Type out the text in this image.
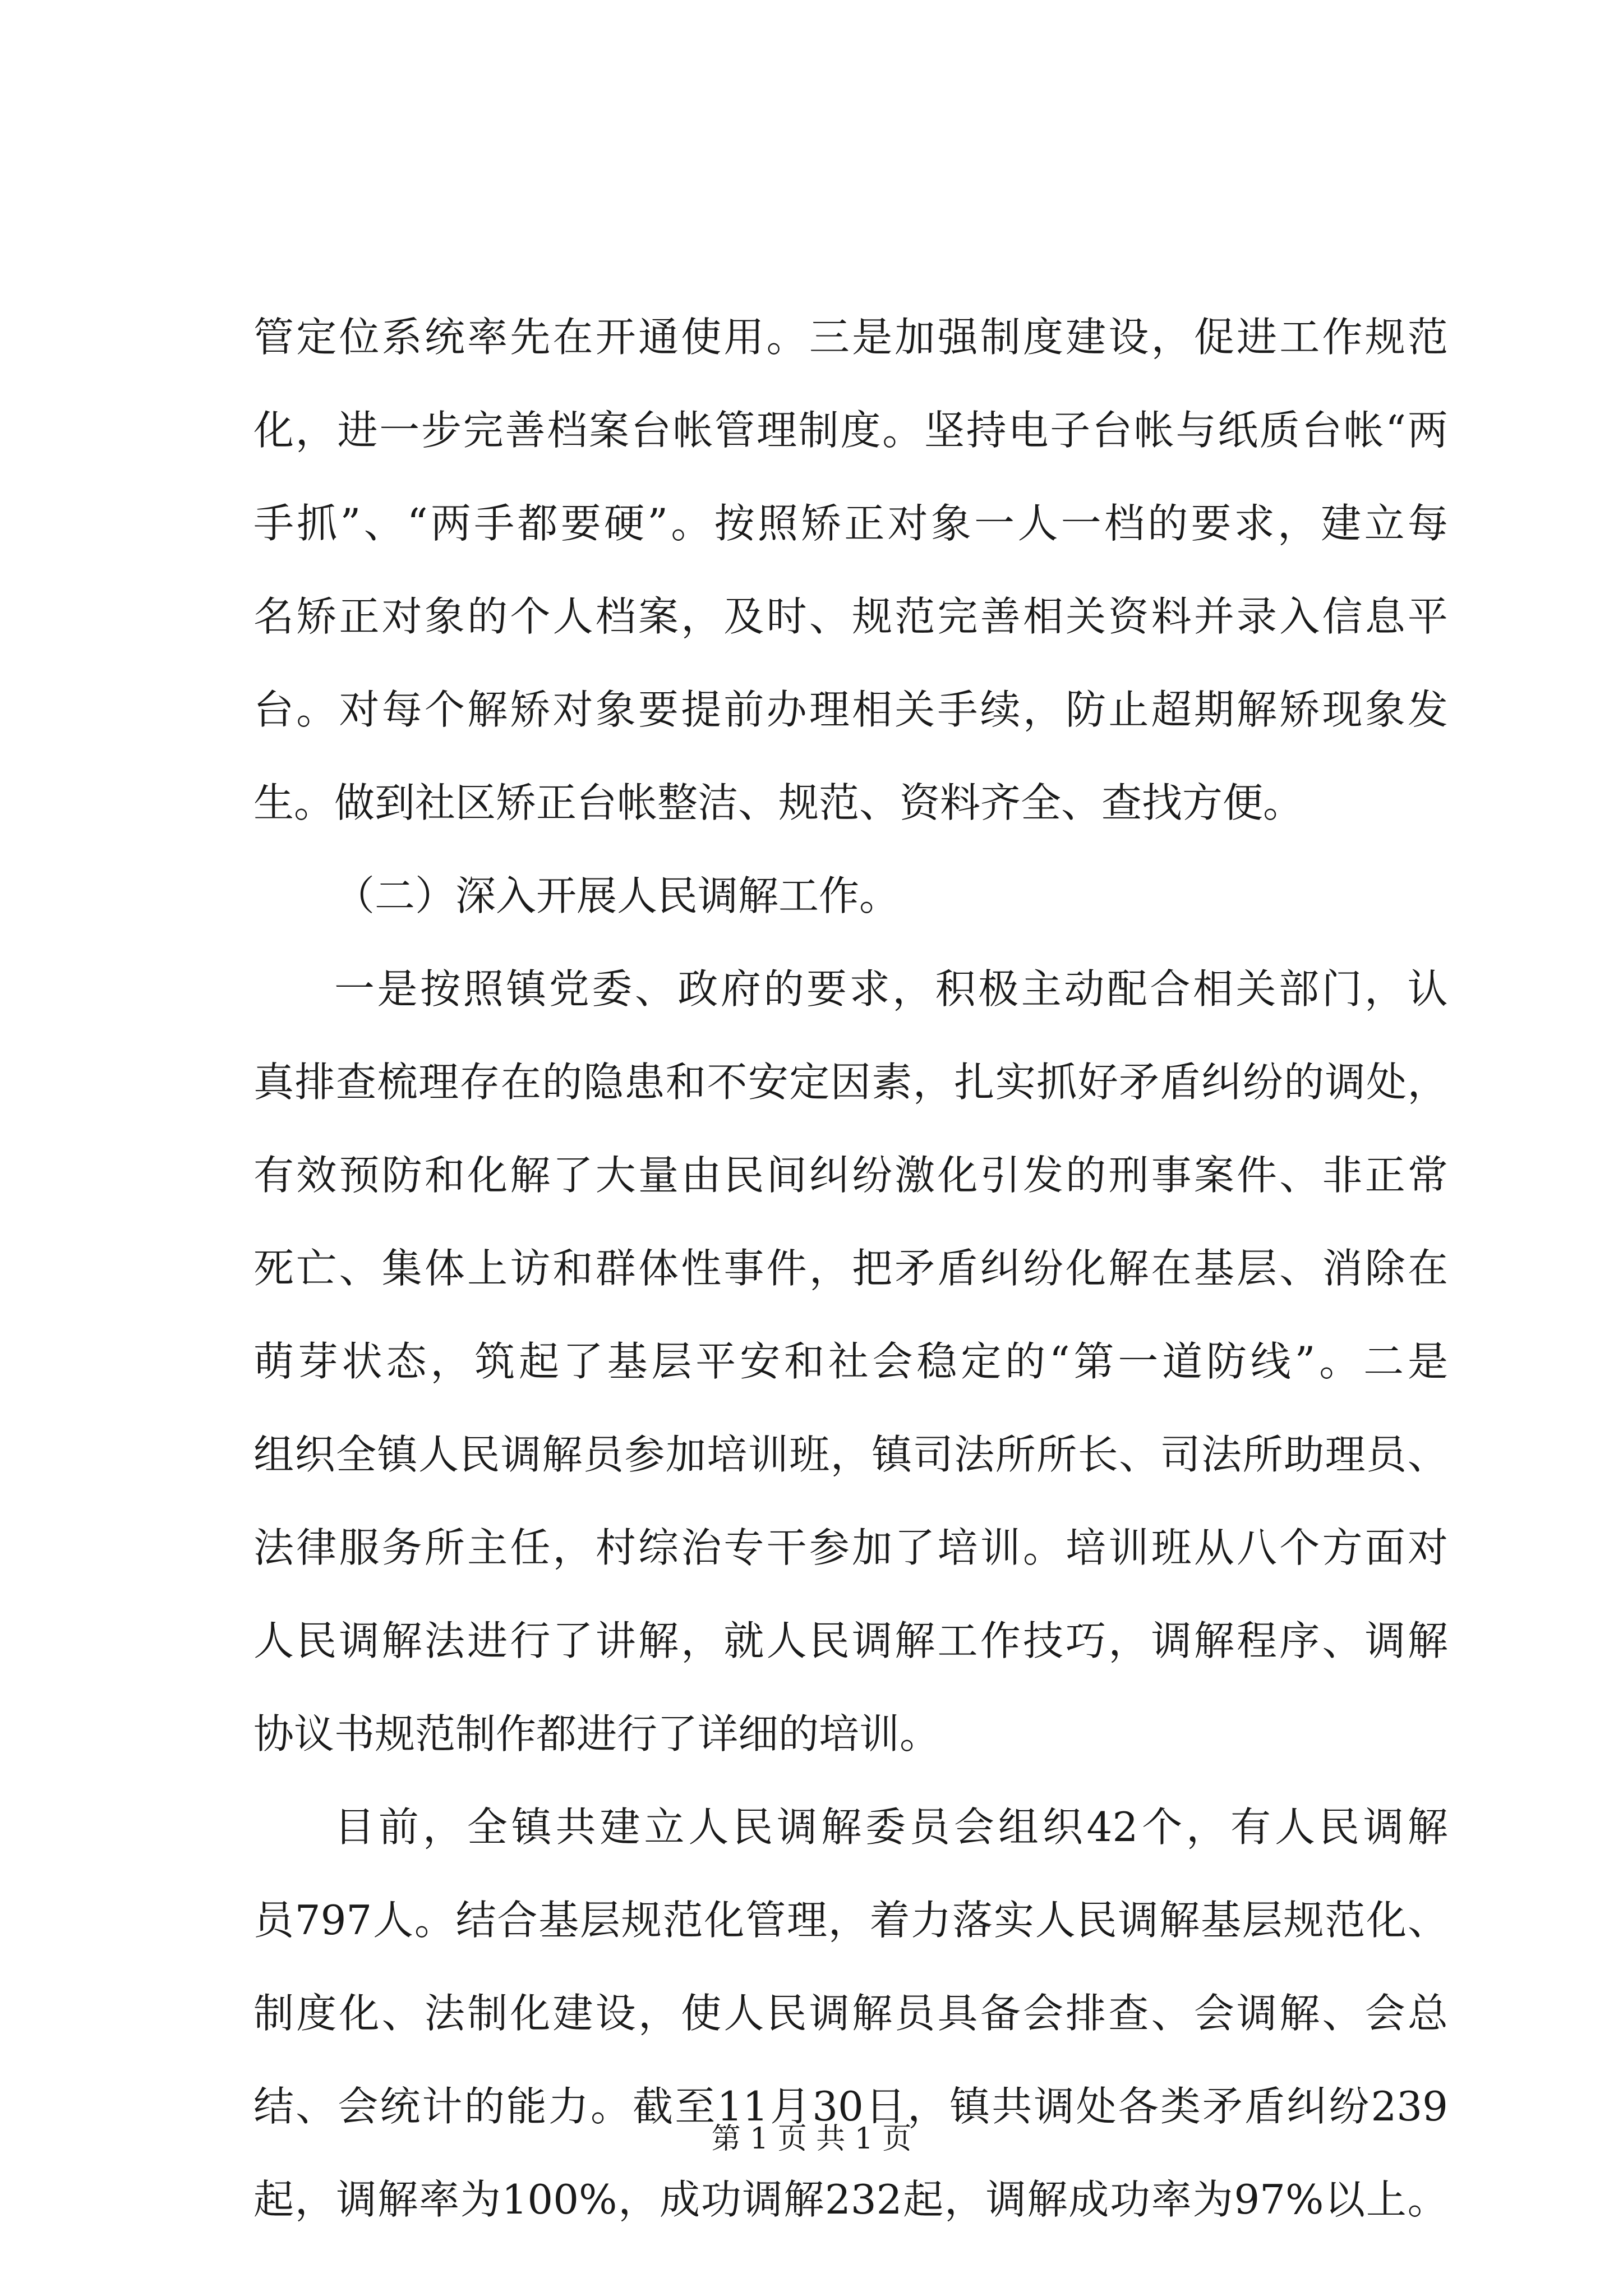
管 定 位 系 统 率 先 在 开 通 使 用 。 三 是 加 强 制 度 建 设 ， 促 进 工 作 规 范
化 ， 进 一 步 完 善 档 案 台 帐 管 理 制 度 。 坚 持 电 子 台 帐 与 纸 质 台 帐 “ 两
手 抓 ” 、 “ 两 手 都 要 硬 ” 。 按 照 矫 正 对 象 一 人 一 档 的 要 求 ， 建 立 每
名 矫 正 对 象 的 个 人 档 案 ， 及 时 、 规 范 完 善 相 关 资 料 并 录 入 信 息 平
台 。 对 每 个 解 矫 对 象 要 提 前 办 理 相 关 手 续 ， 防 止 超 期 解 矫 现 象 发
生。做到社区矫正台帐整洁、规范、资料齐全、查找方便。
（二）深入开展人民调解工作。
一 是 按 照 镇 党 委 、 政 府 的 要 求 ， 积 极 主 动 配 合 相 关 部 门 ， 认
真 排 查 梳 理 存 在 的 隐 患 和 不 安 定 因 素 ， 扎 实 抓 好 矛 盾 纠 纷 的 调 处 ，
有 效 预 防 和 化 解 了 大 量 由 民 间 纠 纷 激 化 引 发 的 刑 事 案 件 、 非 正 常
死 亡 、 集 体 上 访 和 群 体 性 事 件 ， 把 矛 盾 纠 纷 化 解 在 基 层 、 消 除 在
萌 芽 状 态 ， 筑 起 了 基 层 平 安 和 社 会 稳 定 的 “ 第 一 道 防 线 ” 。 二 是
组 织 全 镇 人 民 调 解 员 参 加 培 训 班 ， 镇 司 法 所 所 长 、 司 法 所 助 理 员 、
法 律 服 务 所 主 任 ， 村 综 治 专 干 参 加 了 培 训 。 培 训 班 从 八 个 方 面 对
人 民 调 解 法 进 行 了 讲 解 ， 就 人 民 调 解 工 作 技 巧 ， 调 解 程 序 、 调 解
协议书规范制作都进行了详细的培训。
目 前 ， 全 镇 共 建 立 人 民 调 解 委 员 会 组 织 42 个 ， 有 人 民 调 解
员 797 人 。 结 合 基 层 规 范 化 管 理 ， 着 力 落 实 人 民 调 解 基 层 规 范 化 、
制 度 化 、 法 制 化 建 设 ， 使 人 民 调 解 员 具 备 会 排 查 、 会 调 解 、 会 总
结 、 会 统 计 的 能 力 。 截 至 11 月 30 日 ， 镇 共 调 处 各 类 矛 盾 纠 纷 239
起 ， 调 解 率 为 100% ， 成 功 调 解 232 起 ， 调 解 成 功 率 为 97% 以 上 。
第 1 页 共 1 页
